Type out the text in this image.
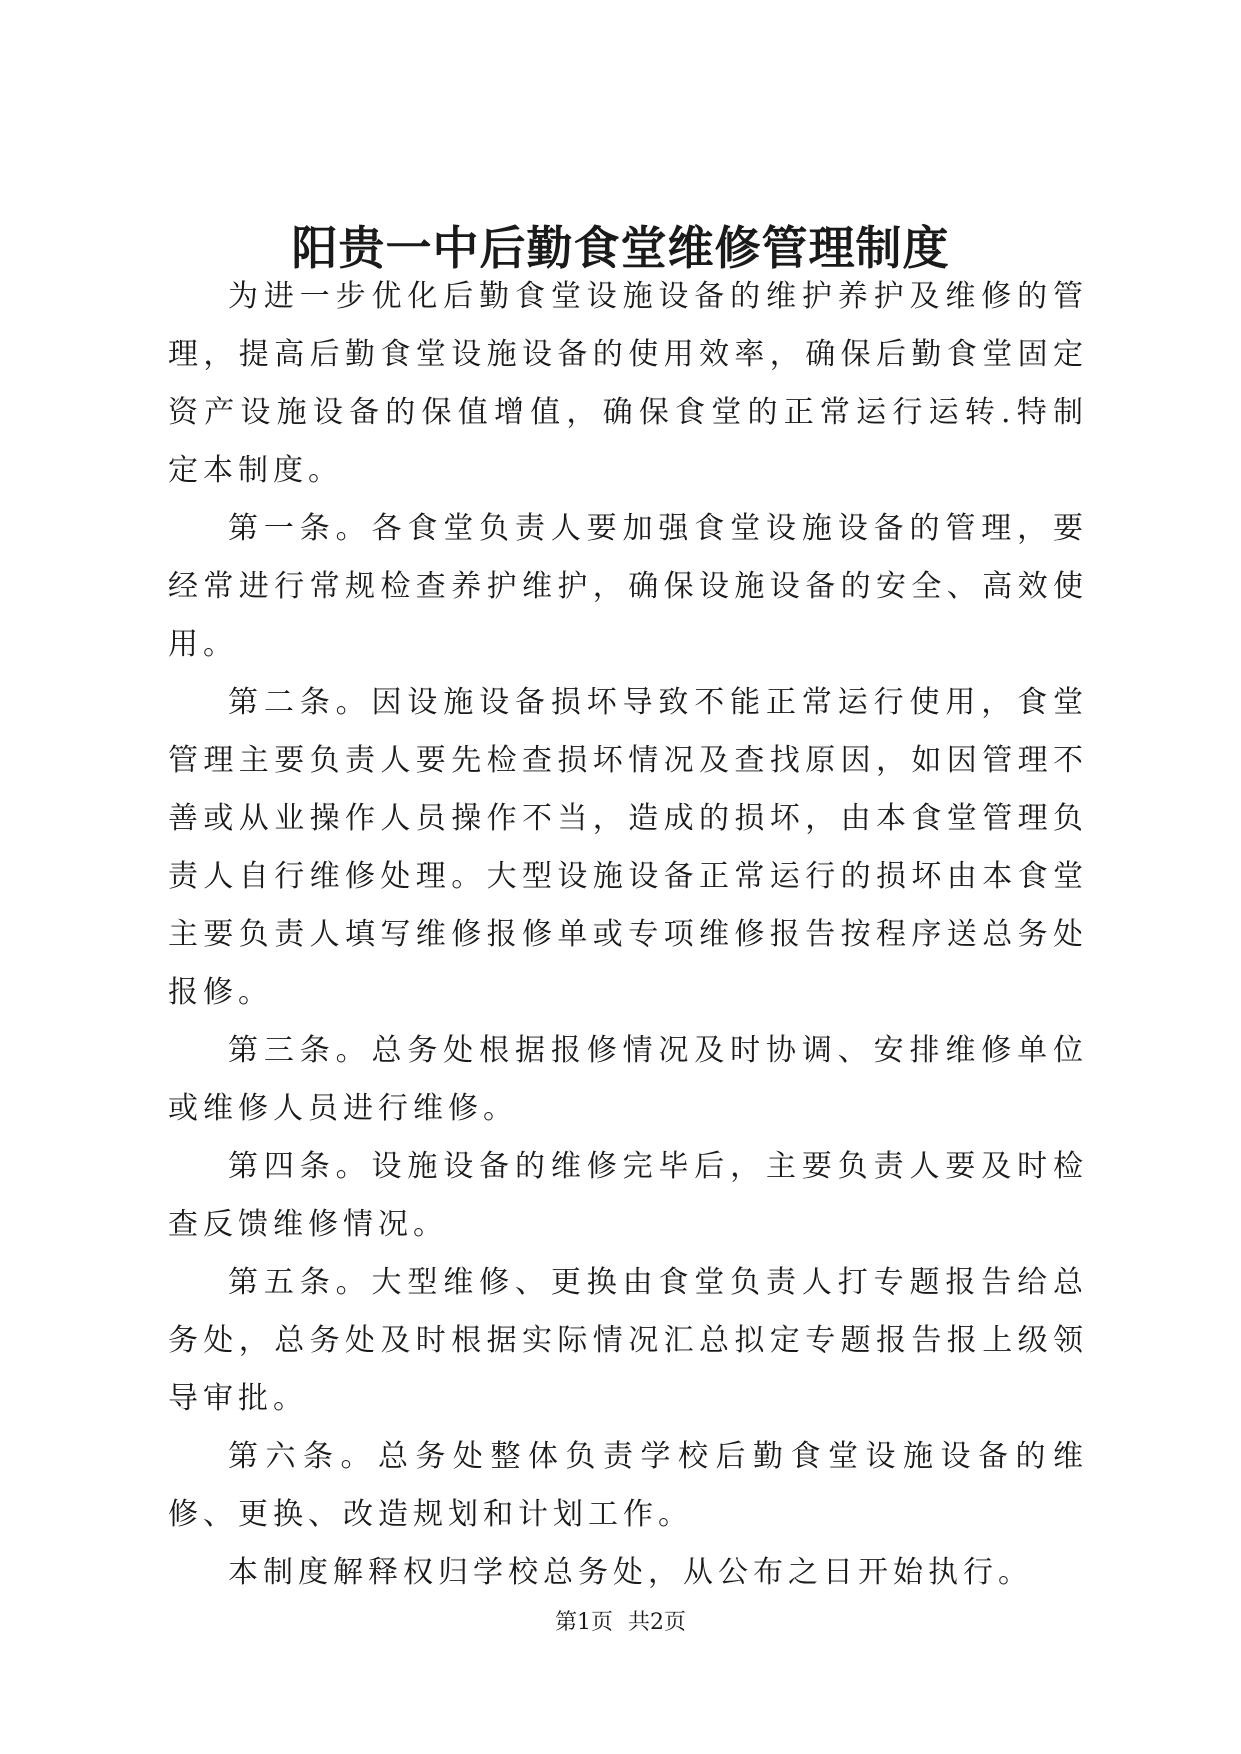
阳贵一中后勤食堂维修管理制度

为进一步优化后勤食堂设施设备的维护养护及维修的管理，提高后勤食堂设施设备的使用效率，确保后勤食堂固定资产设施设备的保值增值，确保食堂的正常运行运转.特制定本制度。

第一条。各食堂负责人要加强食堂设施设备的管理，要经常进行常规检查养护维护，确保设施设备的安全、高效使用。

第二条。因设施设备损坏导致不能正常运行使用，食堂管理主要负责人要先检查损坏情况及查找原因，如因管理不善或从业操作人员操作不当，造成的损坏，由本食堂管理负责人自行维修处理。大型设施设备正常运行的损坏由本食堂主要负责人填写维修报修单或专项维修报告按程序送总务处报修。

第三条。总务处根据报修情况及时协调、安排维修单位或维修人员进行维修。

第四条。设施设备的维修完毕后，主要负责人要及时检查反馈维修情况。

第五条。大型维修、更换由食堂负责人打专题报告给总务处，总务处及时根据实际情况汇总拟定专题报告报上级领导审批。

第六条。总务处整体负责学校后勤食堂设施设备的维修、更换、改造规划和计划工作。

本制度解释权归学校总务处，从公布之日开始执行。

第1页 共2页
